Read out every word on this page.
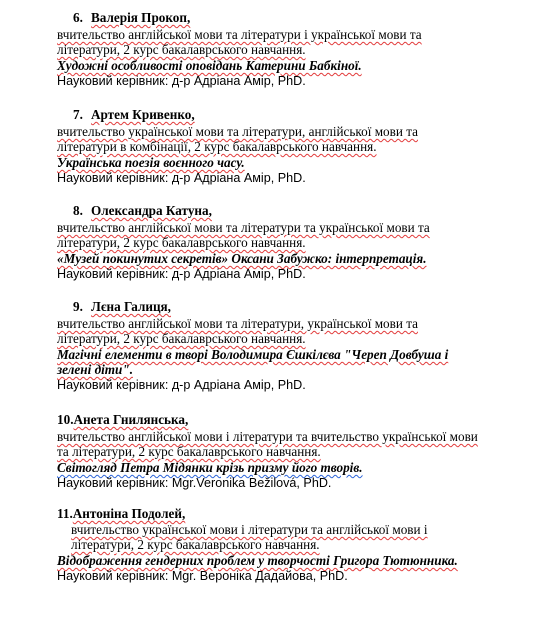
6. Валерія Прокоп,
вчительство англійської мови та літератури і української мови та
літератури, 2 курс бакалаврського навчання.
Художні особливості оповідань Катерини Бабкіної.
Науковий керівник: д-р Адріана Амір, PhD.
7. Артем Кривенко,
вчительство української мови та літератури, англійської мови та
літератури в комбінації, 2 курс бакалаврського навчання.
Українська поезія воєнного часу.
Науковий керівник: д-р Адріана Амір, PhD.
8. Олександра Катуна,
вчительство англійської мови та літератури та української мови та
літератури, 2 курс бакалаврського навчання.
«Музей покинутих секретів» Оксани Забужко: інтерпретація.
Науковий керівник: д-р Адріана Амір, PhD.
9. Лєна Галиця,
вчительство англійської мови та літератури, української мови та
літератури, 2 курс бакалаврського навчання.
Магічні елементи в творі Володимира Єшкілєва "Череп Довбуша і
зелені діти".
Науковий керівник: д-р Адріана Амір, PhD.
10.Анета Гнилянська,
вчительство англійської мови і літератури та вчительство української мови
та літератури, 2 курс бакалаврського навчання.
Світогляд Петра Мідянки крізь призму його творів.
Науковий керівник: Mgr.Veronika Bežilová, PhD.
11.Антоніна Подолей,
вчительство української мови і літератури та англійської мови і
літератури, 2 курс бакалаврського навчання.
Відображення гендерних проблем у творчості Григора Тютюнника.
Науковий керівник: Mgr. Вероніка Дадайова, PhD.
